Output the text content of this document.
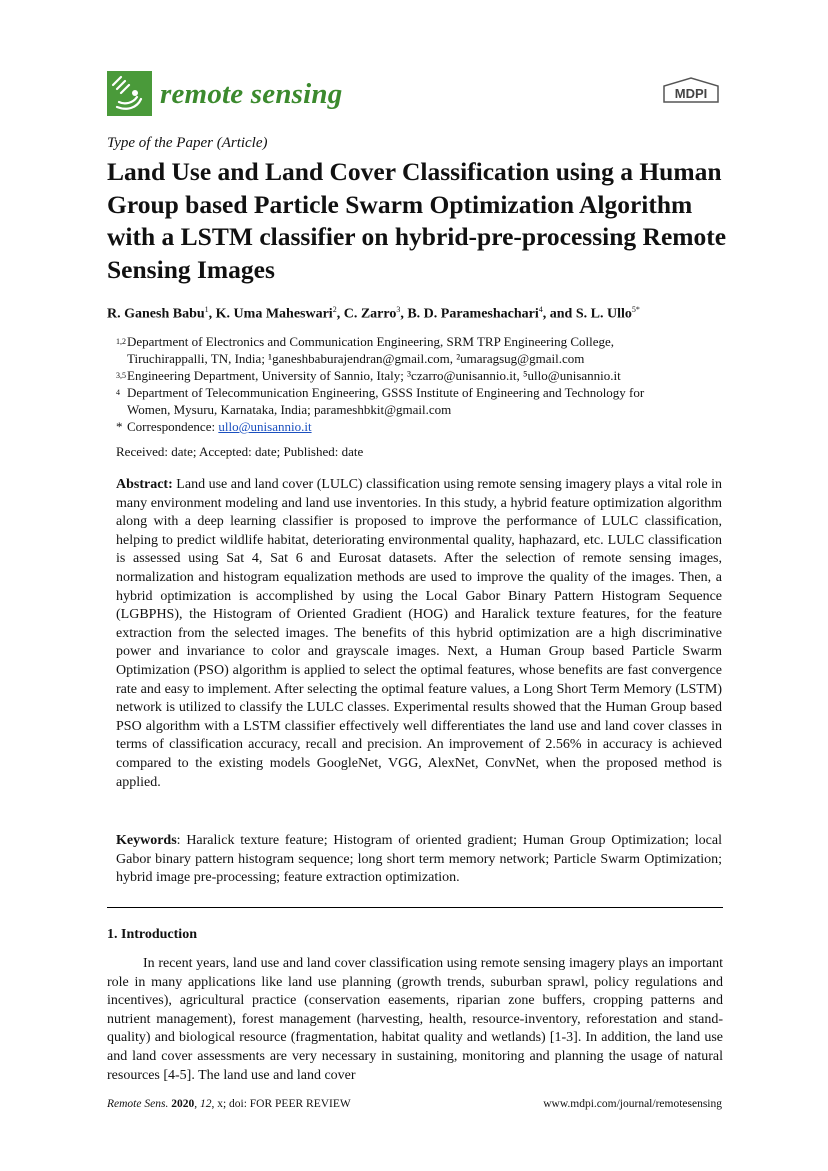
remote sensing	MDPI
Type of the Paper (Article)
Land Use and Land Cover Classification using a Human Group based Particle Swarm Optimization Algorithm with a LSTM classifier on hybrid-pre-processing Remote Sensing Images
R. Ganesh Babu$^1$, K. Uma Maheswari$^2$, C. Zarro$^3$, B. D. Parameshachari$^4$, and S. L. Ullo$^{5*}$
1,2Department of Electronics and Communication Engineering, SRM TRP Engineering College,
Tiruchirappalli, TN, India; ¹ganeshbaburajendran@gmail.com, ²umaragsug@gmail.com
3,5Engineering Department, University of Sannio, Italy; ³czarro@unisannio.it, ⁵ullo@unisannio.it
4 Department of Telecommunication Engineering, GSSS Institute of Engineering and Technology for
Women, Mysuru, Karnataka, India; parameshbkit@gmail.com
* Correspondence: ullo@unisannio.it
Received: date; Accepted: date; Published: date
Abstract: Land use and land cover (LULC) classification using remote sensing imagery plays a vital role in many environment modeling and land use inventories. In this study, a hybrid feature optimization algorithm along with a deep learning classifier is proposed to improve the performance of LULC classification, helping to predict wildlife habitat, deteriorating environmental quality, haphazard, etc. LULC classification is assessed using Sat 4, Sat 6 and Eurosat datasets. After the selection of remote sensing images, normalization and histogram equalization methods are used to improve the quality of the images. Then, a hybrid optimization is accomplished by using the Local Gabor Binary Pattern Histogram Sequence (LGBPHS), the Histogram of Oriented Gradient (HOG) and Haralick texture features, for the feature extraction from the selected images. The benefits of this hybrid optimization are a high discriminative power and invariance to color and grayscale images. Next, a Human Group based Particle Swarm Optimization (PSO) algorithm is applied to select the optimal features, whose benefits are fast convergence rate and easy to implement. After selecting the optimal feature values, a Long Short Term Memory (LSTM) network is utilized to classify the LULC classes. Experimental results showed that the Human Group based PSO algorithm with a LSTM classifier effectively well differentiates the land use and land cover classes in terms of classification accuracy, recall and precision. An improvement of 2.56% in accuracy is achieved compared to the existing models GoogleNet, VGG, AlexNet, ConvNet, when the proposed method is applied.
Keywords: Haralick texture feature; Histogram of oriented gradient; Human Group Optimization; local Gabor binary pattern histogram sequence; long short term memory network; Particle Swarm Optimization; hybrid image pre-processing; feature extraction optimization.
1. Introduction
In recent years, land use and land cover classification using remote sensing imagery plays an important role in many applications like land use planning (growth trends, suburban sprawl, policy regulations and incentives), agricultural practice (conservation easements, riparian zone buffers, cropping patterns and nutrient management), forest management (harvesting, health, resource-inventory, reforestation and stand-quality) and biological resource (fragmentation, habitat quality and wetlands) [1-3]. In addition, the land use and land cover assessments are very necessary in sustaining, monitoring and planning the usage of natural resources [4-5]. The land use and land cover
Remote Sens. 2020, 12, x; doi: FOR PEER REVIEW	www.mdpi.com/journal/remotesensing
